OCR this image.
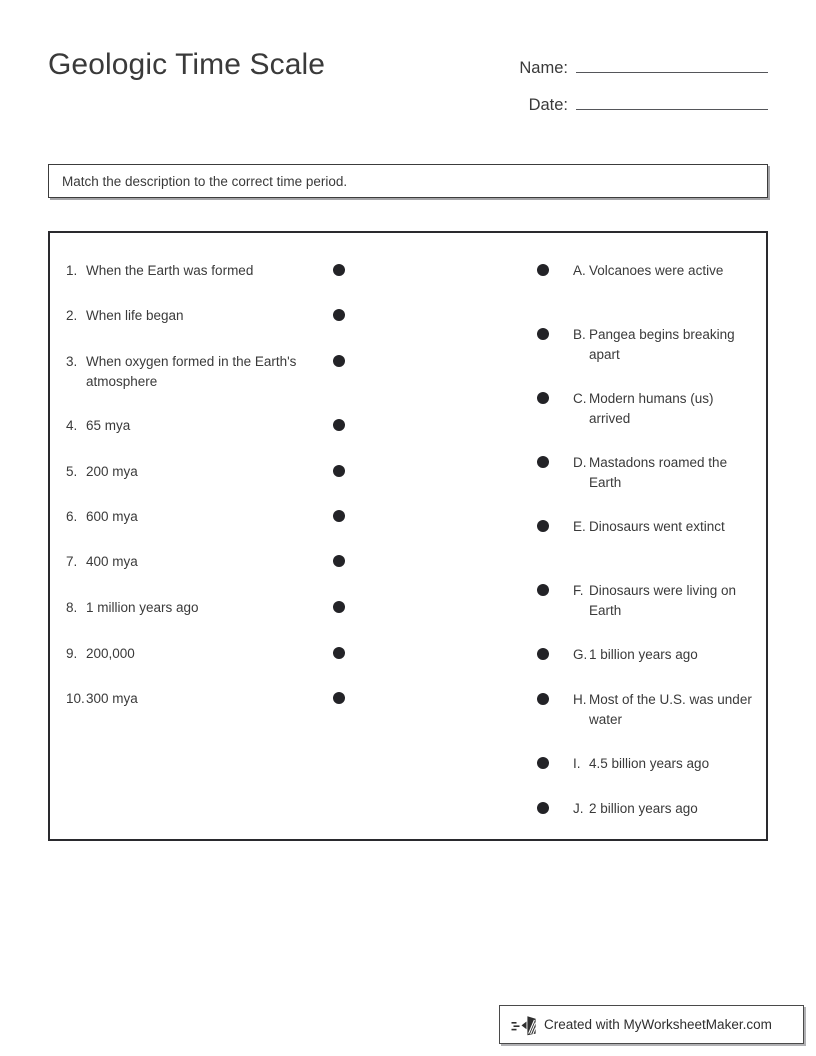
Geologic Time Scale	Name:
Date:
Match the description to the correct time period.
1. When the Earth was formed
2. When life began
3. When oxygen formed in the Earth's atmosphere
4. 65 mya
5. 200 mya
6. 600 mya
7. 400 mya
8. 1 million years ago
9. 200,000
10. 300 mya
A. Volcanoes were active
B. Pangea begins breaking apart
C. Modern humans (us) arrived
D. Mastadons roamed the Earth
E. Dinosaurs went extinct
F. Dinosaurs were living on Earth
G. 1 billion years ago
H. Most of the U.S. was under water
I. 4.5 billion years ago
J. 2 billion years ago
Created with MyWorksheetMaker.com
